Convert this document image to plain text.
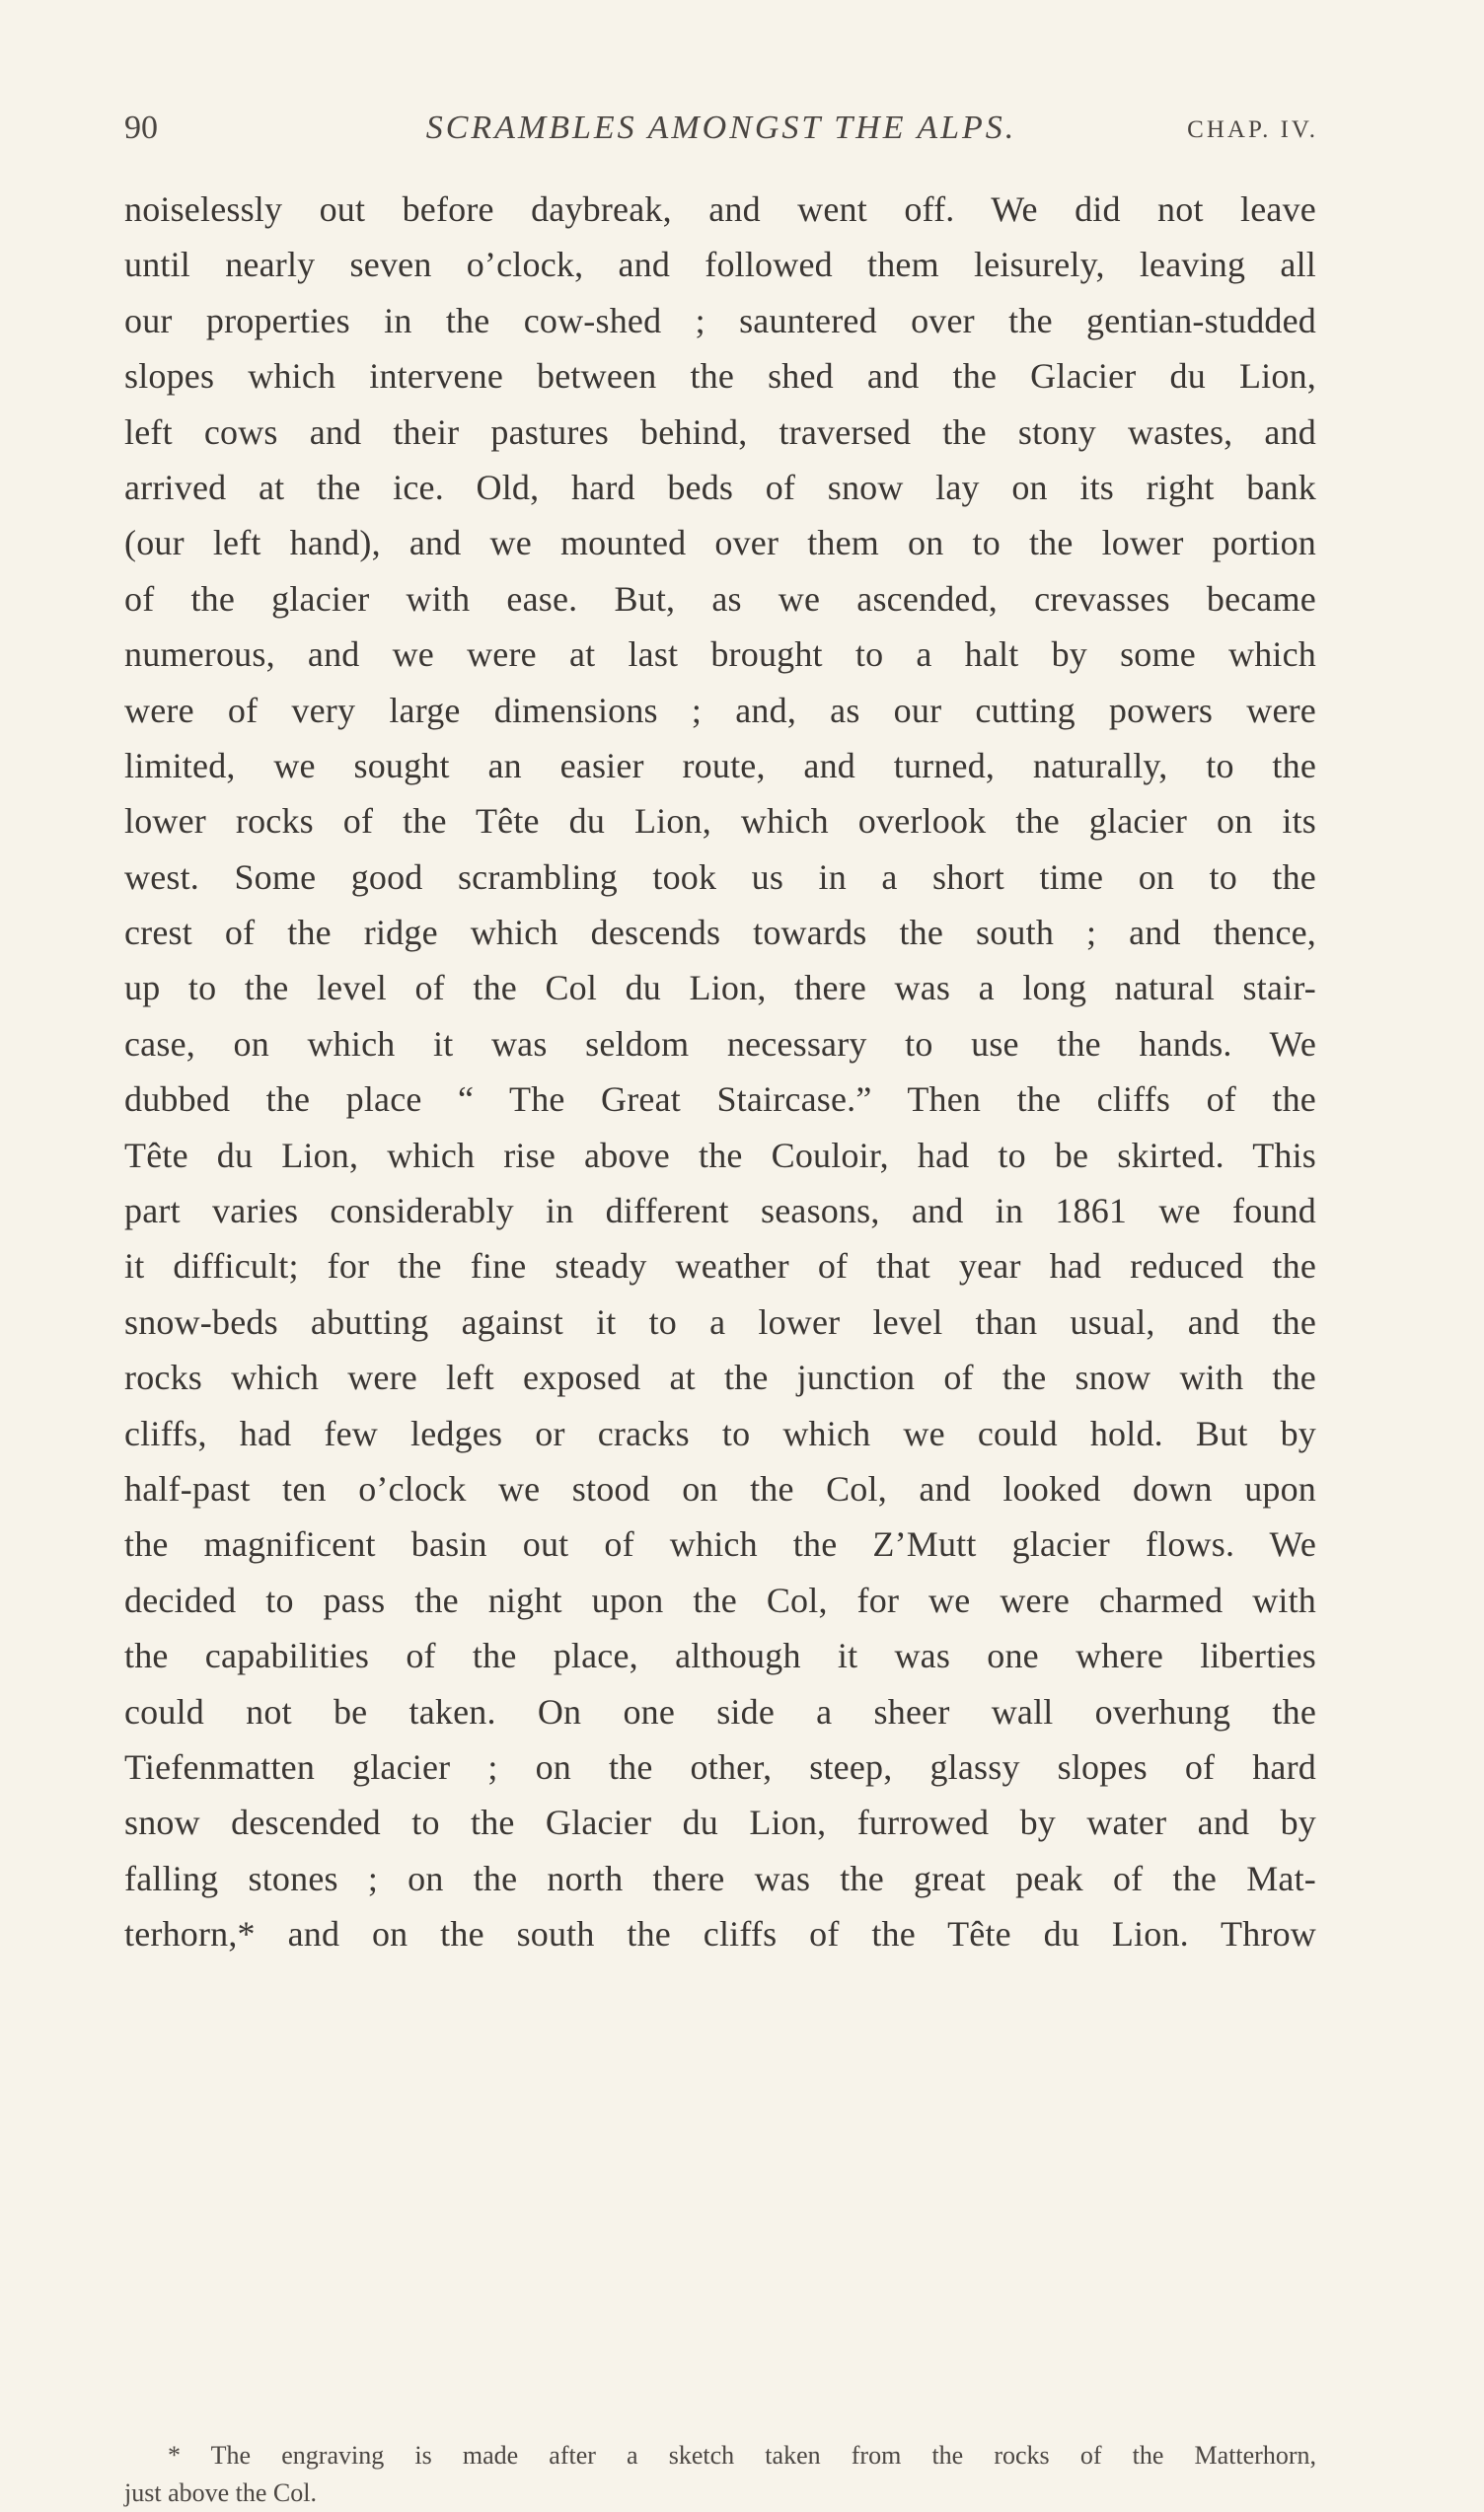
90	SCRAMBLES AMONGST THE ALPS.	CHAP. IV.
noiselessly out before daybreak, and went off. We did not leave
until nearly seven o’clock, and followed them leisurely, leaving all
our properties in the cow-shed ; sauntered over the gentian-studded
slopes which intervene between the shed and the Glacier du Lion,
left cows and their pastures behind, traversed the stony wastes, and
arrived at the ice. Old, hard beds of snow lay on its right bank
(our left hand), and we mounted over them on to the lower portion
of the glacier with ease. But, as we ascended, crevasses became
numerous, and we were at last brought to a halt by some which
were of very large dimensions ; and, as our cutting powers were
limited, we sought an easier route, and turned, naturally, to the
lower rocks of the Tête du Lion, which overlook the glacier on its
west. Some good scrambling took us in a short time on to the
crest of the ridge which descends towards the south ; and thence,
up to the level of the Col du Lion, there was a long natural stair-
case, on which it was seldom necessary to use the hands. We
dubbed the place “ The Great Staircase.” Then the cliffs of the
Tête du Lion, which rise above the Couloir, had to be skirted. This
part varies considerably in different seasons, and in 1861 we found
it difficult; for the fine steady weather of that year had reduced the
snow-beds abutting against it to a lower level than usual, and the
rocks which were left exposed at the junction of the snow with the
cliffs, had few ledges or cracks to which we could hold. But by
half-past ten o’clock we stood on the Col, and looked down upon
the magnificent basin out of which the Z’Mutt glacier flows. We
decided to pass the night upon the Col, for we were charmed with
the capabilities of the place, although it was one where liberties
could not be taken. On one side a sheer wall overhung the
Tiefenmatten glacier ; on the other, steep, glassy slopes of hard
snow descended to the Glacier du Lion, furrowed by water and by
falling stones ; on the north there was the great peak of the Mat-
terhorn,* and on the south the cliffs of the Tête du Lion. Throw
* The engraving is made after a sketch taken from the rocks of the Matterhorn,
just above the Col.
